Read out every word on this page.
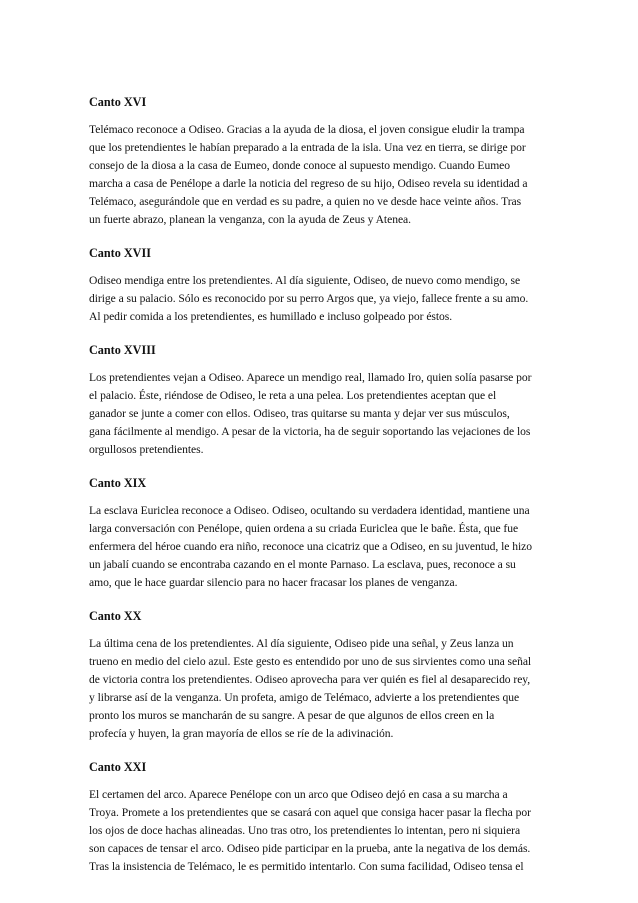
Canto XVI

Telémaco reconoce a Odiseo. Gracias a la ayuda de la diosa, el joven consigue eludir la trampa
que los pretendientes le habían preparado a la entrada de la isla. Una vez en tierra, se dirige por
consejo de la diosa a la casa de Eumeo, donde conoce al supuesto mendigo. Cuando Eumeo
marcha a casa de Penélope a darle la noticia del regreso de su hijo, Odiseo revela su identidad a
Telémaco, asegurándole que en verdad es su padre, a quien no ve desde hace veinte años. Tras
un fuerte abrazo, planean la venganza, con la ayuda de Zeus y Atenea.

Canto XVII

Odiseo mendiga entre los pretendientes. Al día siguiente, Odiseo, de nuevo como mendigo, se
dirige a su palacio. Sólo es reconocido por su perro Argos que, ya viejo, fallece frente a su amo.
Al pedir comida a los pretendientes, es humillado e incluso golpeado por éstos.

Canto XVIII

Los pretendientes vejan a Odiseo. Aparece un mendigo real, llamado Iro, quien solía pasarse por
el palacio. Éste, riéndose de Odiseo, le reta a una pelea. Los pretendientes aceptan que el
ganador se junte a comer con ellos. Odiseo, tras quitarse su manta y dejar ver sus músculos,
gana fácilmente al mendigo. A pesar de la victoria, ha de seguir soportando las vejaciones de los
orgullosos pretendientes.

Canto XIX

La esclava Euriclea reconoce a Odiseo. Odiseo, ocultando su verdadera identidad, mantiene una
larga conversación con Penélope, quien ordena a su criada Euriclea que le bañe. Ésta, que fue
enfermera del héroe cuando era niño, reconoce una cicatriz que a Odiseo, en su juventud, le hizo
un jabalí cuando se encontraba cazando en el monte Parnaso. La esclava, pues, reconoce a su
amo, que le hace guardar silencio para no hacer fracasar los planes de venganza.

Canto XX

La última cena de los pretendientes. Al día siguiente, Odiseo pide una señal, y Zeus lanza un
trueno en medio del cielo azul. Este gesto es entendido por uno de sus sirvientes como una señal
de victoria contra los pretendientes. Odiseo aprovecha para ver quién es fiel al desaparecido rey,
y librarse así de la venganza. Un profeta, amigo de Telémaco, advierte a los pretendientes que
pronto los muros se mancharán de su sangre. A pesar de que algunos de ellos creen en la
profecía y huyen, la gran mayoría de ellos se ríe de la adivinación.

Canto XXI

El certamen del arco. Aparece Penélope con un arco que Odiseo dejó en casa a su marcha a
Troya. Promete a los pretendientes que se casará con aquel que consiga hacer pasar la flecha por
los ojos de doce hachas alineadas. Uno tras otro, los pretendientes lo intentan, pero ni siquiera
son capaces de tensar el arco. Odiseo pide participar en la prueba, ante la negativa de los demás.
Tras la insistencia de Telémaco, le es permitido intentarlo. Con suma facilidad, Odiseo tensa el
